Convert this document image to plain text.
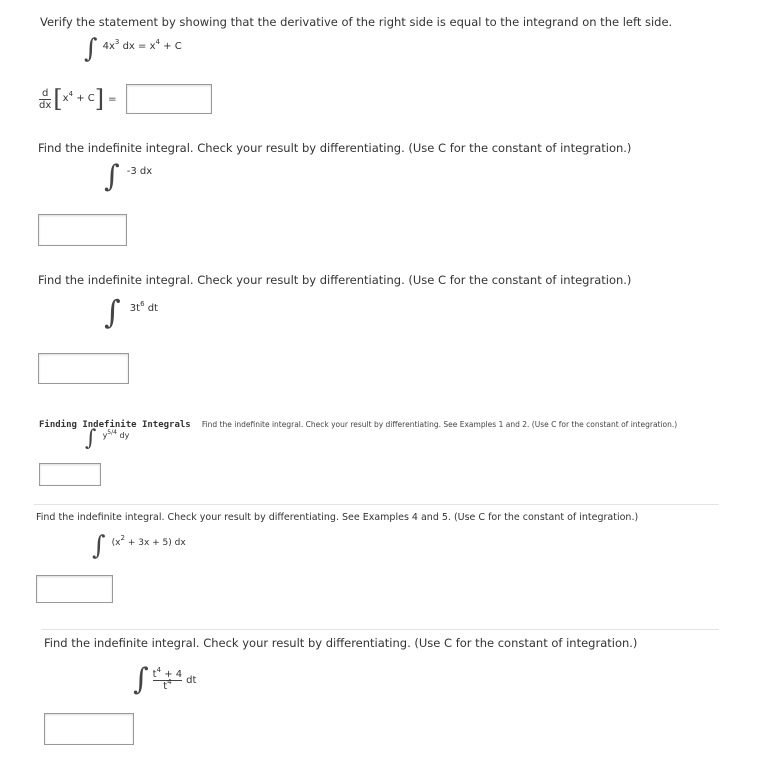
Verify the statement by showing that the derivative of the right side is equal to the integrand on the left side.
∫ $^{4x^3 dx = x^4 + C}$
$\frac{d}{dx}$ [ $x^4 + C$ ] =
Find the indefinite integral. Check your result by differentiating. (Use C for the constant of integration.)
∫ $^{-3 dx}$
Find the indefinite integral. Check your result by differentiating. (Use C for the constant of integration.)
∫ $^{3t^6 dt}$
Finding Indefinite Integrals Find the indefinite integral. Check your result by differentiating. See Examples 1 and 2. (Use C for the constant of integration.)
∫ $^{y^{5/4} dy}$
Find the indefinite integral. Check your result by differentiating. See Examples 4 and 5. (Use C for the constant of integration.)
∫ $^{(x^2 + 3x + 5) dx}$
Find the indefinite integral. Check your result by differentiating. (Use C for the constant of integration.)
∫ $\frac{t^4 + 4}{t^4}$ dt
